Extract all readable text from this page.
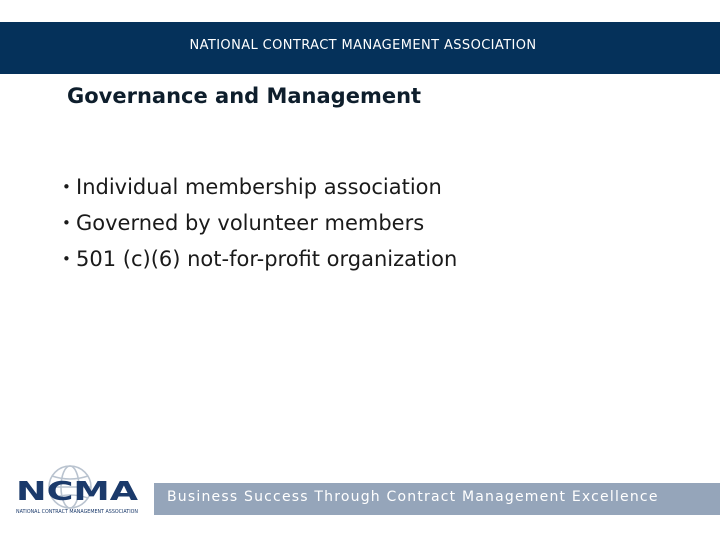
NATIONAL CONTRACT MANAGEMENT ASSOCIATION
Governance and Management
• Individual membership association
• Governed by volunteer members
• 501 (c)(6) not-for-profit organization
NCMA
NATIONAL CONTRACT MANAGEMENT ASSOCIATION
Business Success Through Contract Management Excellence
